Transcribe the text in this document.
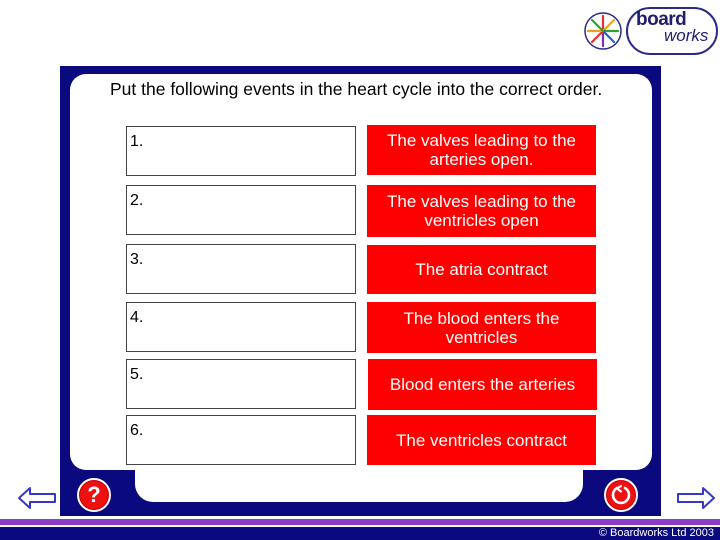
board
works
Put the following events in the heart cycle into the correct order.
1.
2.
3.
4.
5.
6.
The valves leading to the arteries open.
The valves leading to the ventricles open
The atria contract
The blood enters the ventricles
Blood enters the arteries
The ventricles contract
?
© Boardworks Ltd 2003
